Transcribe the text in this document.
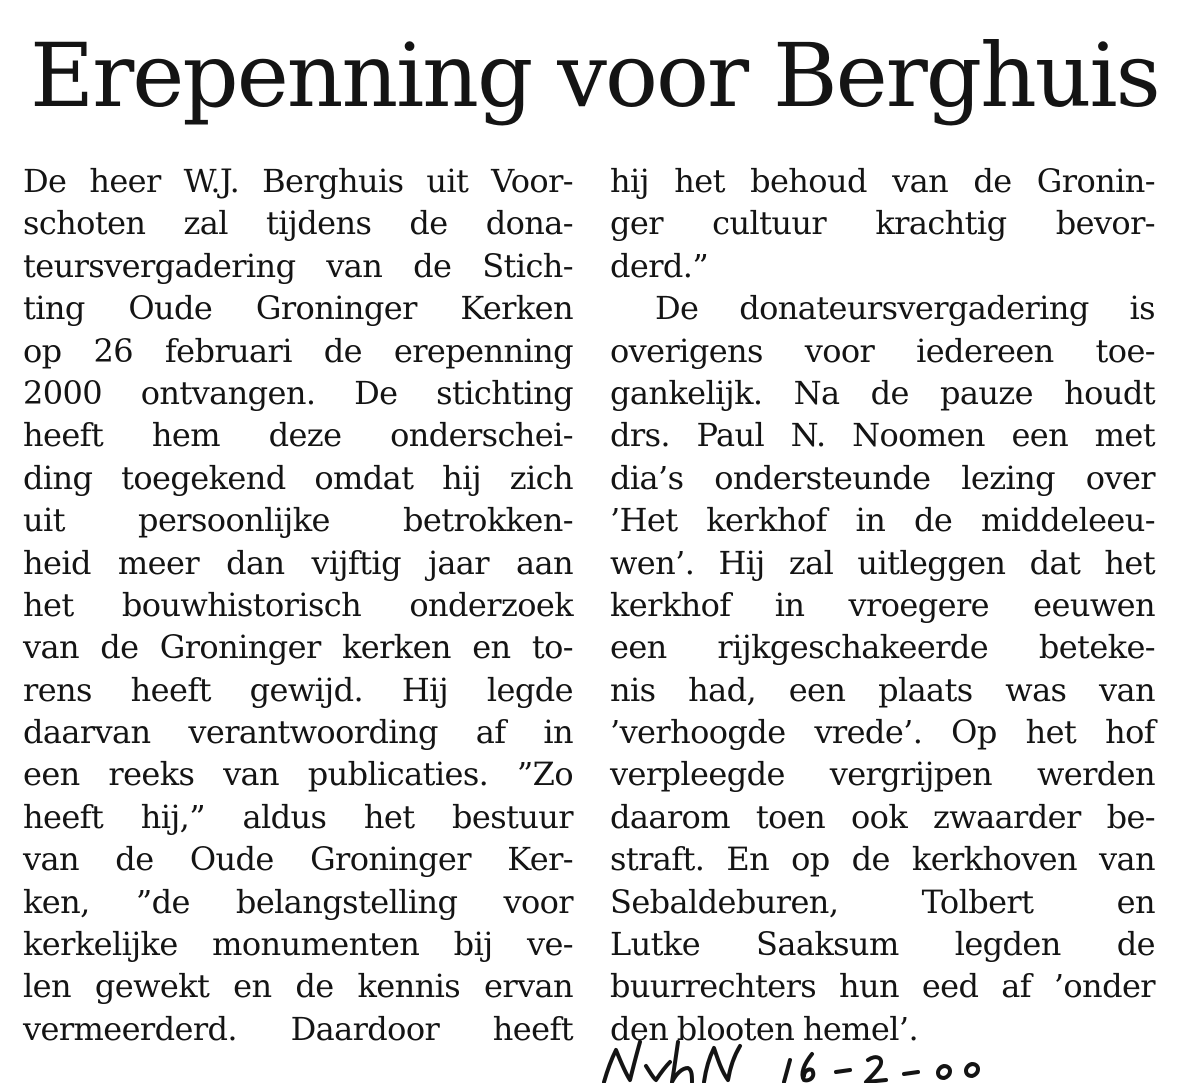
Erepenning voor Berghuis
De heer W.J. Berghuis uit Voor-
schoten zal tijdens de dona-
teursvergadering van de Stich-
ting Oude Groninger Kerken
op 26 februari de erepenning
2000 ontvangen. De stichting
heeft hem deze onderschei-
ding toegekend omdat hij zich
uit persoonlijke betrokken-
heid meer dan vijftig jaar aan
het bouwhistorisch onderzoek
van de Groninger kerken en to-
rens heeft gewijd. Hij legde
daarvan verantwoording af in
een reeks van publicaties. ”Zo
heeft hij,” aldus het bestuur
van de Oude Groninger Ker-
ken, ”de belangstelling voor
kerkelijke monumenten bij ve-
len gewekt en de kennis ervan
vermeerderd. Daardoor heeft
hij het behoud van de Gronin-
ger cultuur krachtig bevor-
derd.”
De donateursvergadering is
overigens voor iedereen toe-
gankelijk. Na de pauze houdt
drs. Paul N. Noomen een met
dia’s ondersteunde lezing over
’Het kerkhof in de middeleeu-
wen’. Hij zal uitleggen dat het
kerkhof in vroegere eeuwen
een rijkgeschakeerde beteke-
nis had, een plaats was van
’verhoogde vrede’. Op het hof
verpleegde vergrijpen werden
daarom toen ook zwaarder be-
straft. En op de kerkhoven van
Sebaldeburen, Tolbert en
Lutke Saaksum legden de
buurrechters hun eed af ’onder
den blooten hemel’.
